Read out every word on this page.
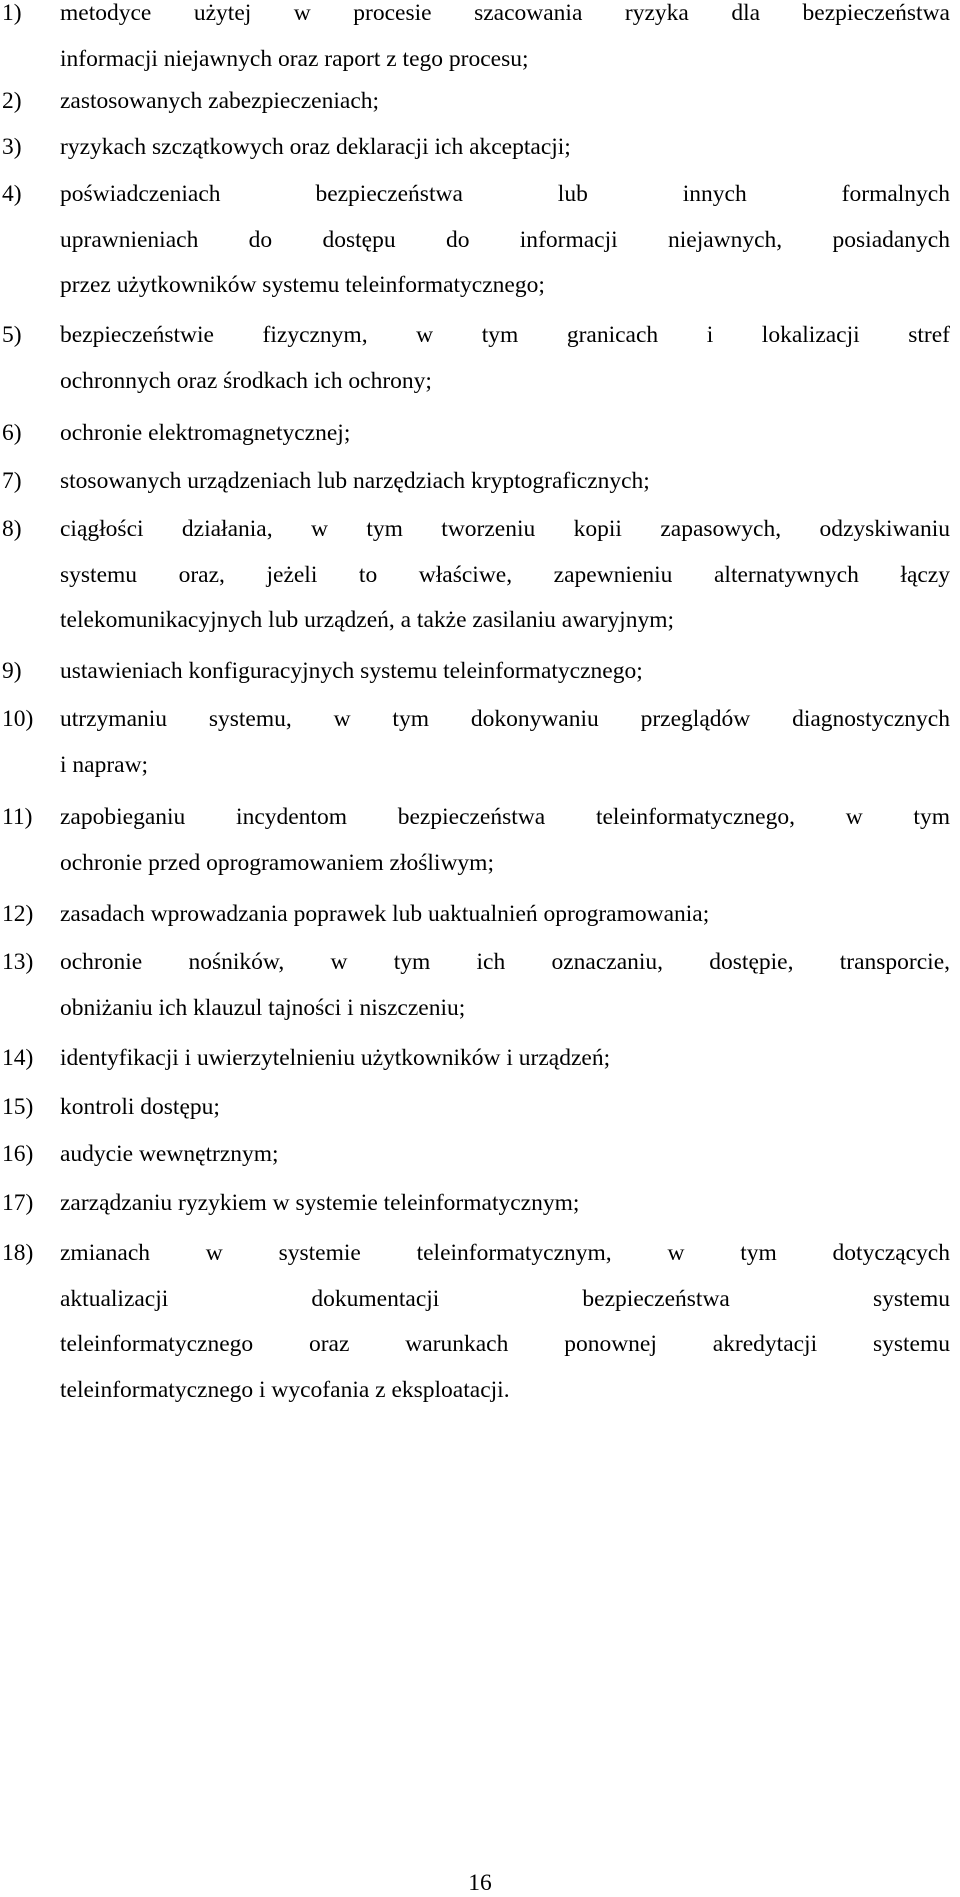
1) metodyce użytej w procesie szacowania ryzyka dla bezpieczeństwa
informacji niejawnych oraz raport z tego procesu;
2) zastosowanych zabezpieczeniach;
3) ryzykach szczątkowych oraz deklaracji ich akceptacji;
4) poświadczeniach bezpieczeństwa lub innych formalnych
uprawnieniach do dostępu do informacji niejawnych, posiadanych
przez użytkowników systemu teleinformatycznego;
5) bezpieczeństwie fizycznym, w tym granicach i lokalizacji stref
ochronnych oraz środkach ich ochrony;
6) ochronie elektromagnetycznej;
7) stosowanych urządzeniach lub narzędziach kryptograficznych;
8) ciągłości działania, w tym tworzeniu kopii zapasowych, odzyskiwaniu
systemu oraz, jeżeli to właściwe, zapewnieniu alternatywnych łączy
telekomunikacyjnych lub urządzeń, a także zasilaniu awaryjnym;
9) ustawieniach konfiguracyjnych systemu teleinformatycznego;
10) utrzymaniu systemu, w tym dokonywaniu przeglądów diagnostycznych
i napraw;
11) zapobieganiu incydentom bezpieczeństwa teleinformatycznego, w tym
ochronie przed oprogramowaniem złośliwym;
12) zasadach wprowadzania poprawek lub uaktualnień oprogramowania;
13) ochronie nośników, w tym ich oznaczaniu, dostępie, transporcie,
obniżaniu ich klauzul tajności i niszczeniu;
14) identyfikacji i uwierzytelnieniu użytkowników i urządzeń;
15) kontroli dostępu;
16) audycie wewnętrznym;
17) zarządzaniu ryzykiem w systemie teleinformatycznym;
18) zmianach w systemie teleinformatycznym, w tym dotyczących
aktualizacji dokumentacji bezpieczeństwa systemu
teleinformatycznego oraz warunkach ponownej akredytacji systemu
teleinformatycznego i wycofania z eksploatacji.
16
